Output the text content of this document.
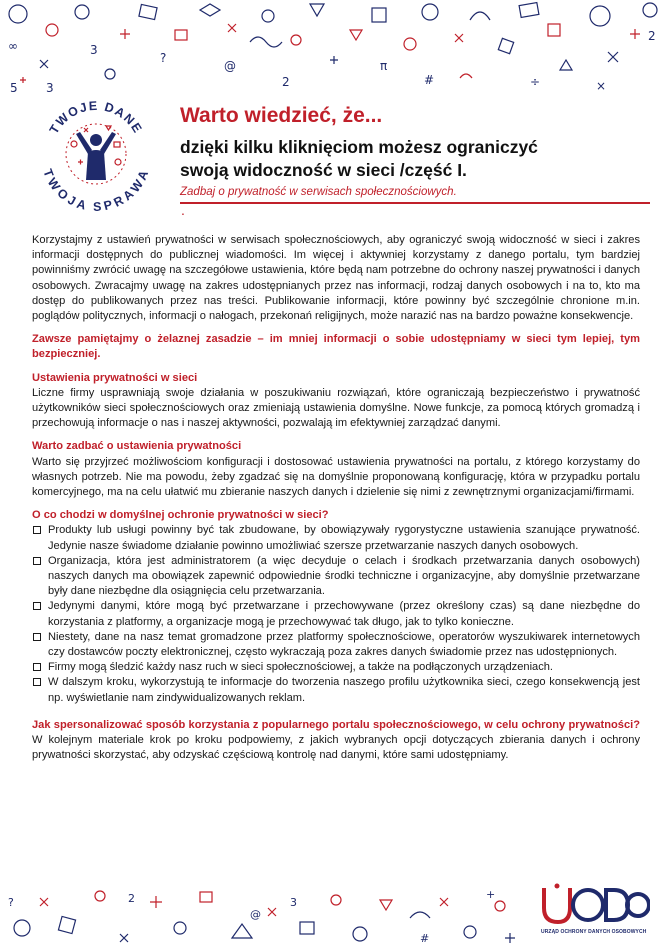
∞
5
3
3
?
@	π
#	÷	×
2
2
?	2
@
3
#
+
TWOJE DANE
TWOJA SPRAWA
Warto wiedzieć, że...

dzięki kilku kliknięciom możesz ograniczyć

swoją widoczność w sieci /część I.

Zadbaj o prywatność w serwisach społecznościowych.
.

Korzystajmy z ustawień prywatności w serwisach społecznościowych, aby ograniczyć swoją widoczność w sieci i zakres informacji dostępnych do publicznej wiadomości. Im więcej i aktywniej korzystamy z danego portalu, tym bardziej powinniśmy zwrócić uwagę na szczegółowe ustawienia, które będą nam potrzebne do ochrony naszej prywatności i danych osobowych. Zwracajmy uwagę na zakres udostępnianych przez nas informacji, rodzaj danych osobowych i na to, kto ma dostęp do publikowanych przez nas treści. Publikowanie informacji, które powinny być szczególnie chronione m.in. poglądów politycznych, informacji o nałogach, przekonań religijnych, może narazić nas na bardzo poważne konsekwencje.

Zawsze pamiętajmy o żelaznej zasadzie – im mniej informacji o sobie udostępniamy w sieci tym lepiej, tym bezpieczniej.

Ustawienia prywatności w sieci

Liczne firmy usprawniają swoje działania w poszukiwaniu rozwiązań, które ograniczają bezpieczeństwo i prywatność użytkowników sieci społecznościowych oraz zmieniają ustawienia domyślne. Nowe funkcje, za pomocą których gromadzą i przechowują informacje o nas i naszej aktywności, pozwalają im efektywniej zarządzać danymi.

Warto zadbać o ustawienia prywatności

Warto się przyjrzeć możliwościom konfiguracji i dostosować ustawienia prywatności na portalu, z którego korzystamy do własnych potrzeb. Nie ma powodu, żeby zgadzać się na domyślnie proponowaną konfigurację, która w przypadku portalu komercyjnego, ma na celu ułatwić mu zbieranie naszych danych i dzielenie się nimi z zewnętrznymi organizacjami/firmami.

O co chodzi w domyślnej ochronie prywatności w sieci?

Produkty lub usługi powinny być tak zbudowane, by obowiązywały rygorystyczne ustawienia szanujące prywatność. Jedynie nasze świadome działanie powinno umożliwiać szersze przetwarzanie naszych danych osobowych.
Organizacja, która jest administratorem (a więc decyduje o celach i środkach przetwarzania danych osobowych) naszych danych ma obowiązek zapewnić odpowiednie środki techniczne i organizacyjne, aby domyślnie przetwarzane były dane niezbędne dla osiągnięcia celu przetwarzania.
Jedynymi danymi, które mogą być przetwarzane i przechowywane (przez określony czas) są dane niezbędne do korzystania z platformy, a organizacje mogą je przechowywać tak długo, jak to tylko konieczne.
Niestety, dane na nasz temat gromadzone przez platformy społecznościowe, operatorów wyszukiwarek internetowych czy dostawców poczty elektronicznej, często wykraczają poza zakres danych świadomie przez nas udostępnionych.
Firmy mogą śledzić każdy nasz ruch w sieci społecznościowej, a także na podłączonych urządzeniach.
W dalszym kroku, wykorzystują te informacje do tworzenia naszego profilu użytkownika sieci, czego konsekwencją jest np. wyświetlanie nam zindywidualizowanych reklam.

Jak spersonalizować sposób korzystania z popularnego portalu społecznościowego, w celu ochrony prywatności? W kolejnym materiale krok po kroku podpowiemy, z jakich wybranych opcji dotyczących zbierania danych i ochrony prywatności skorzystać, aby odzyskać częściową kontrolę nad danymi, które sami udostępniamy.

URZĄD OCHRONY DANYCH OSOBOWYCH
